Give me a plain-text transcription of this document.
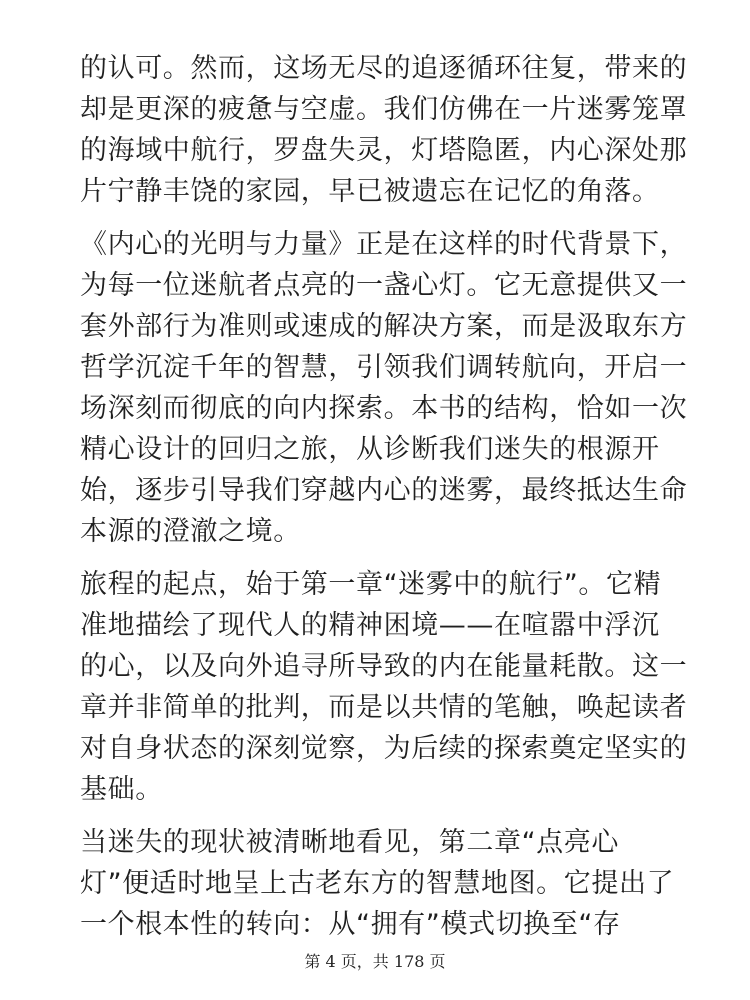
的认可。然而，这场无尽的追逐循环往复，带来的
却是更深的疲惫与空虚。我们仿佛在一片迷雾笼罩
的海域中航行，罗盘失灵，灯塔隐匿，内心深处那
片宁静丰饶的家园，早已被遗忘在记忆的角落。

《内心的光明与力量》正是在这样的时代背景下，
为每一位迷航者点亮的一盏心灯。它无意提供又一
套外部行为准则或速成的解决方案，而是汲取东方
哲学沉淀千年的智慧，引领我们调转航向，开启一
场深刻而彻底的向内探索。本书的结构，恰如一次
精心设计的回归之旅，从诊断我们迷失的根源开
始，逐步引导我们穿越内心的迷雾，最终抵达生命
本源的澄澈之境。

旅程的起点，始于第一章“迷雾中的航行”。它精
准地描绘了现代人的精神困境——在喧嚣中浮沉
的心，以及向外追寻所导致的内在能量耗散。这一
章并非简单的批判，而是以共情的笔触，唤起读者
对自身状态的深刻觉察，为后续的探索奠定坚实的
基础。

当迷失的现状被清晰地看见，第二章“点亮心
灯”便适时地呈上古老东方的智慧地图。它提出了
一个根本性的转向：从“拥有”模式切换至“存

第 4 页，共 178 页
